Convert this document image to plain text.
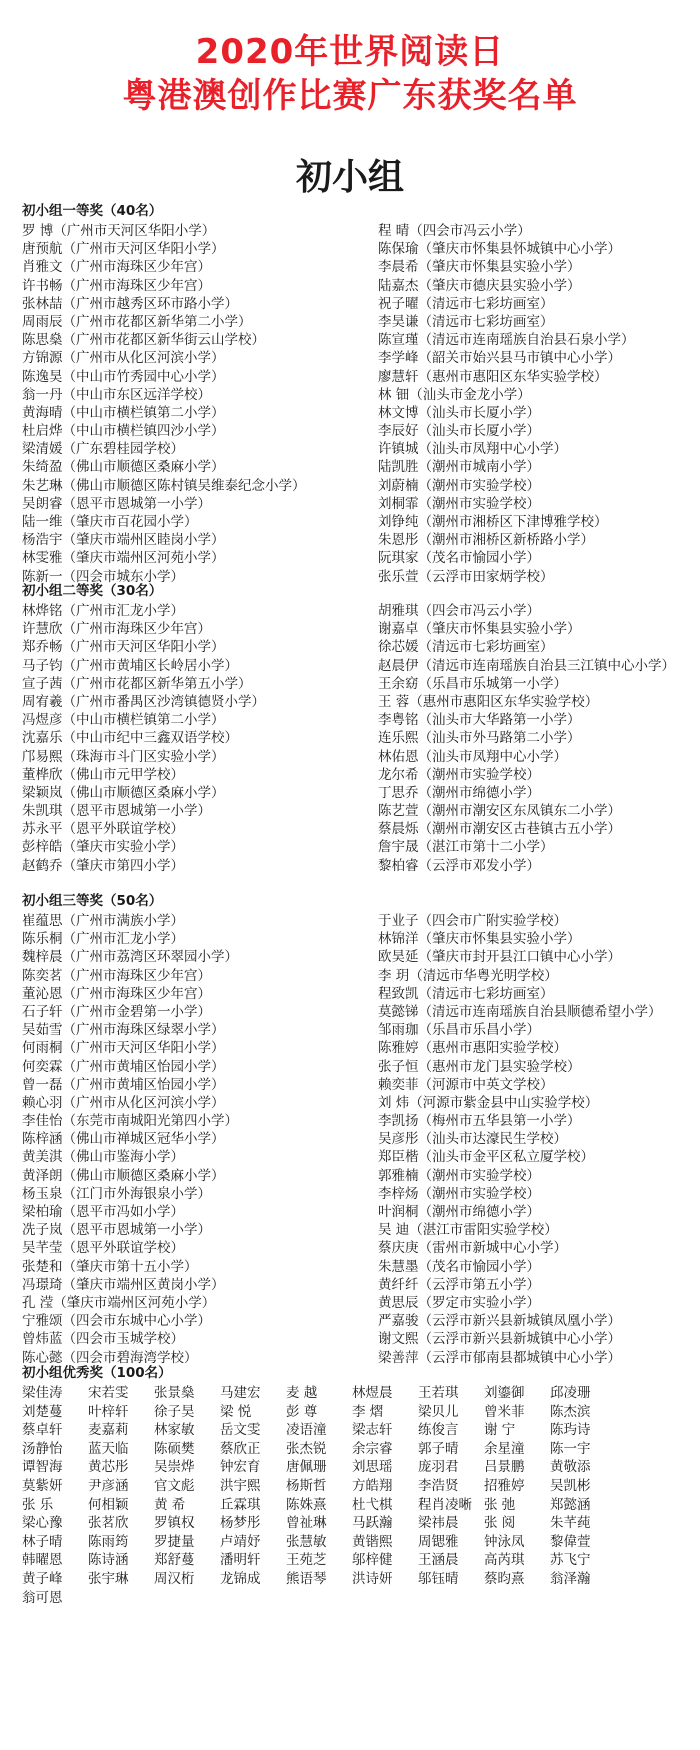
2020年世界阅读日
粤港澳创作比赛广东获奖名单
初小组
初小组一等奖（40名）
罗 博（广州市天河区华阳小学）
唐预航（广州市天河区华阳小学）
肖雅文（广州市海珠区少年宫）
许书畅（广州市海珠区少年宫）
张林喆（广州市越秀区环市路小学）
周雨辰（广州市花都区新华第二小学）
陈思燊（广州市花都区新华街云山学校）
方锦源（广州市从化区河滨小学）
陈逸昊（中山市竹秀园中心小学）
翁一丹（中山市东区远洋学校）
黄海晴（中山市横栏镇第二小学）
杜启烨（中山市横栏镇四沙小学）
梁清媛（广东碧桂园学校）
朱绮盈（佛山市顺德区桑麻小学）
朱艺琳（佛山市顺德区陈村镇吴维泰纪念小学）
吴朗睿（恩平市恩城第一小学）
陆一维（肇庆市百花园小学）
杨浩宇（肇庆市端州区睦岗小学）
林雯雅（肇庆市端州区河苑小学）
陈新一（四会市城东小学）
程 晴（四会市冯云小学）
陈保瑜（肇庆市怀集县怀城镇中心小学）
李晨希（肇庆市怀集县实验小学）
陆嘉杰（肇庆市德庆县实验小学）
祝子曜（清远市七彩坊画室）
李昊谦（清远市七彩坊画室）
陈宣瑾（清远市连南瑶族自治县石泉小学）
李学峰（韶关市始兴县马市镇中心小学）
廖慧轩（惠州市惠阳区东华实验学校）
林 钿（汕头市金龙小学）
林文博（汕头市长厦小学）
李辰好（汕头市长厦小学）
许镇城（汕头市凤翔中心小学）
陆凯胜（潮州市城南小学）
刘蔚楠（潮州市实验学校）
刘桐霏（潮州市实验学校）
刘铮纯（潮州市湘桥区下津博雅学校）
朱恩彤（潮州市湘桥区新桥路小学）
阮琪家（茂名市愉园小学）
张乐萱（云浮市田家炳学校）
初小组二等奖（30名）
林烨铭（广州市汇龙小学）
许慧欣（广州市海珠区少年宫）
郑乔畅（广州市天河区华阳小学）
马子钧（广州市黄埔区长岭居小学）
宣子茜（广州市花都区新华第五小学）
周宥羲（广州市番禺区沙湾镇德贤小学）
冯煜彦（中山市横栏镇第二小学）
沈嘉乐（中山市纪中三鑫双语学校）
邝易熙（珠海市斗门区实验小学）
董桦欣（佛山市元甲学校）
梁颖岚（佛山市顺德区桑麻小学）
朱凯琪（恩平市恩城第一小学）
苏永平（恩平外联谊学校）
彭梓皓（肇庆市实验小学）
赵鹤乔（肇庆市第四小学）
胡雅琪（四会市冯云小学）
谢嘉卓（肇庆市怀集县实验小学）
徐芯媛（清远市七彩坊画室）
赵晨伊（清远市连南瑶族自治县三江镇中心小学）
王余窈（乐昌市乐城第一小学）
王 蓉（惠州市惠阳区东华实验学校）
李粤铭（汕头市大华路第一小学）
连乐熙（汕头市外马路第二小学）
林佑恩（汕头市凤翔中心小学）
龙尔希（潮州市实验学校）
丁思乔（潮州市绵德小学）
陈艺萱（潮州市潮安区东凤镇东二小学）
蔡晨烁（潮州市潮安区古巷镇古五小学）
詹宇晟（湛江市第十二小学）
黎柏睿（云浮市邓发小学）
初小组三等奖（50名）
崔蕴思（广州市满族小学）
陈乐桐（广州市汇龙小学）
魏梓晨（广州市荔湾区环翠园小学）
陈奕茗（广州市海珠区少年宫）
董沁恩（广州市海珠区少年宫）
石子轩（广州市金碧第一小学）
吴茹雪（广州市海珠区绿翠小学）
何雨桐（广州市天河区华阳小学）
何奕霖（广州市黄埔区怡园小学）
曾一磊（广州市黄埔区怡园小学）
赖心羽（广州市从化区河滨小学）
李佳怡（东莞市南城阳光第四小学）
陈梓涵（佛山市禅城区冠华小学）
黄美淇（佛山市鉴海小学）
黄泽朗（佛山市顺德区桑麻小学）
杨玉泉（江门市外海银泉小学）
梁柏瑜（恩平市冯如小学）
冼子岚（恩平市恩城第一小学）
吴芊莹（恩平外联谊学校）
张楚和（肇庆市第十五小学）
冯璟琦（肇庆市端州区黄岗小学）
孔 滢（肇庆市端州区河苑小学）
宁雅颂（四会市东城中心小学）
曾炜蓝（四会市玉城学校）
陈心懿（四会市碧海湾学校）
于业子（四会市广附实验学校）
林锦洋（肇庆市怀集县实验小学）
欧昊延（肇庆市封开县江口镇中心小学）
李 玥（清远市华粤光明学校）
程致凯（清远市七彩坊画室）
莫懿锑（清远市连南瑶族自治县顺德希望小学）
邹雨珈（乐昌市乐昌小学）
陈雅婷（惠州市惠阳实验学校）
张子恒（惠州市龙门县实验学校）
赖奕菲（河源市中英文学校）
刘 炜（河源市紫金县中山实验学校）
李凯扬（梅州市五华县第一小学）
吴彦彤（汕头市达濠民生学校）
郑臣楷（汕头市金平区私立厦学校）
郭雅楠（潮州市实验学校）
李梓炀（潮州市实验学校）
叶润桐（潮州市绵德小学）
吴 迪（湛江市雷阳实验学校）
蔡庆庚（雷州市新城中心小学）
朱慧墨（茂名市愉园小学）
黄纤纤（云浮市第五小学）
黄思辰（罗定市实验小学）
严嘉骏（云浮市新兴县新城镇凤凰小学）
谢文熙（云浮市新兴县新城镇中心小学）
梁善萍（云浮市郁南县都城镇中心小学）
初小组优秀奖（100名）
梁佳涛	宋若雯	张景燊	马建宏	麦 越	林煜晨	王若琪	刘鎏御	邱凌珊
刘楚蔓	叶梓轩	徐子昊	梁 悦	彭 尊	李 熠	梁贝儿	曾米菲	陈杰滨
蔡卓轩	麦嘉莉	林家敏	岳文雯	凌语潼	梁志轩	练俊言	谢 宁	陈玙诗
汤静怡	蓝天临	陈硕樊	蔡欣正	张杰锐	余宗睿	郭子晴	余星潼	陈一宇
谭智海	黄芯彤	吴崇烨	钟宏育	唐佩珊	刘思瑶	庞羽君	吕景鹏	黄敬添
莫紫妍	尹彦涵	官文彪	洪宇熙	杨斯哲	方皓翔	李浩贤	招雅婷	吴凯彬
张 乐	何相颖	黄 希	丘霖琪	陈姝熹	杜弋棋	程肖凌晰 张 弛	郑懿涵
梁心豫	张茗欣	罗镇权	杨梦彤	曾祉琳	马跃瀚	梁祎晨	张 阅	朱芊莼
林子晴	陈雨筠	罗捷量	卢靖妤	张慧敏	黄锴熙	周锶雅	钟泳凤	黎偉萱
韩曜恩	陈诗涵	郑舒蔓	潘明轩	王苑芝	邬梓健	王涵晨	高芮琪	苏飞宁
黄子峰	张宇琳	周汉桁	龙锦成	熊语琴	洪诗妍	邬钰晴	蔡昀熹	翁泽瀚
翁可恩
